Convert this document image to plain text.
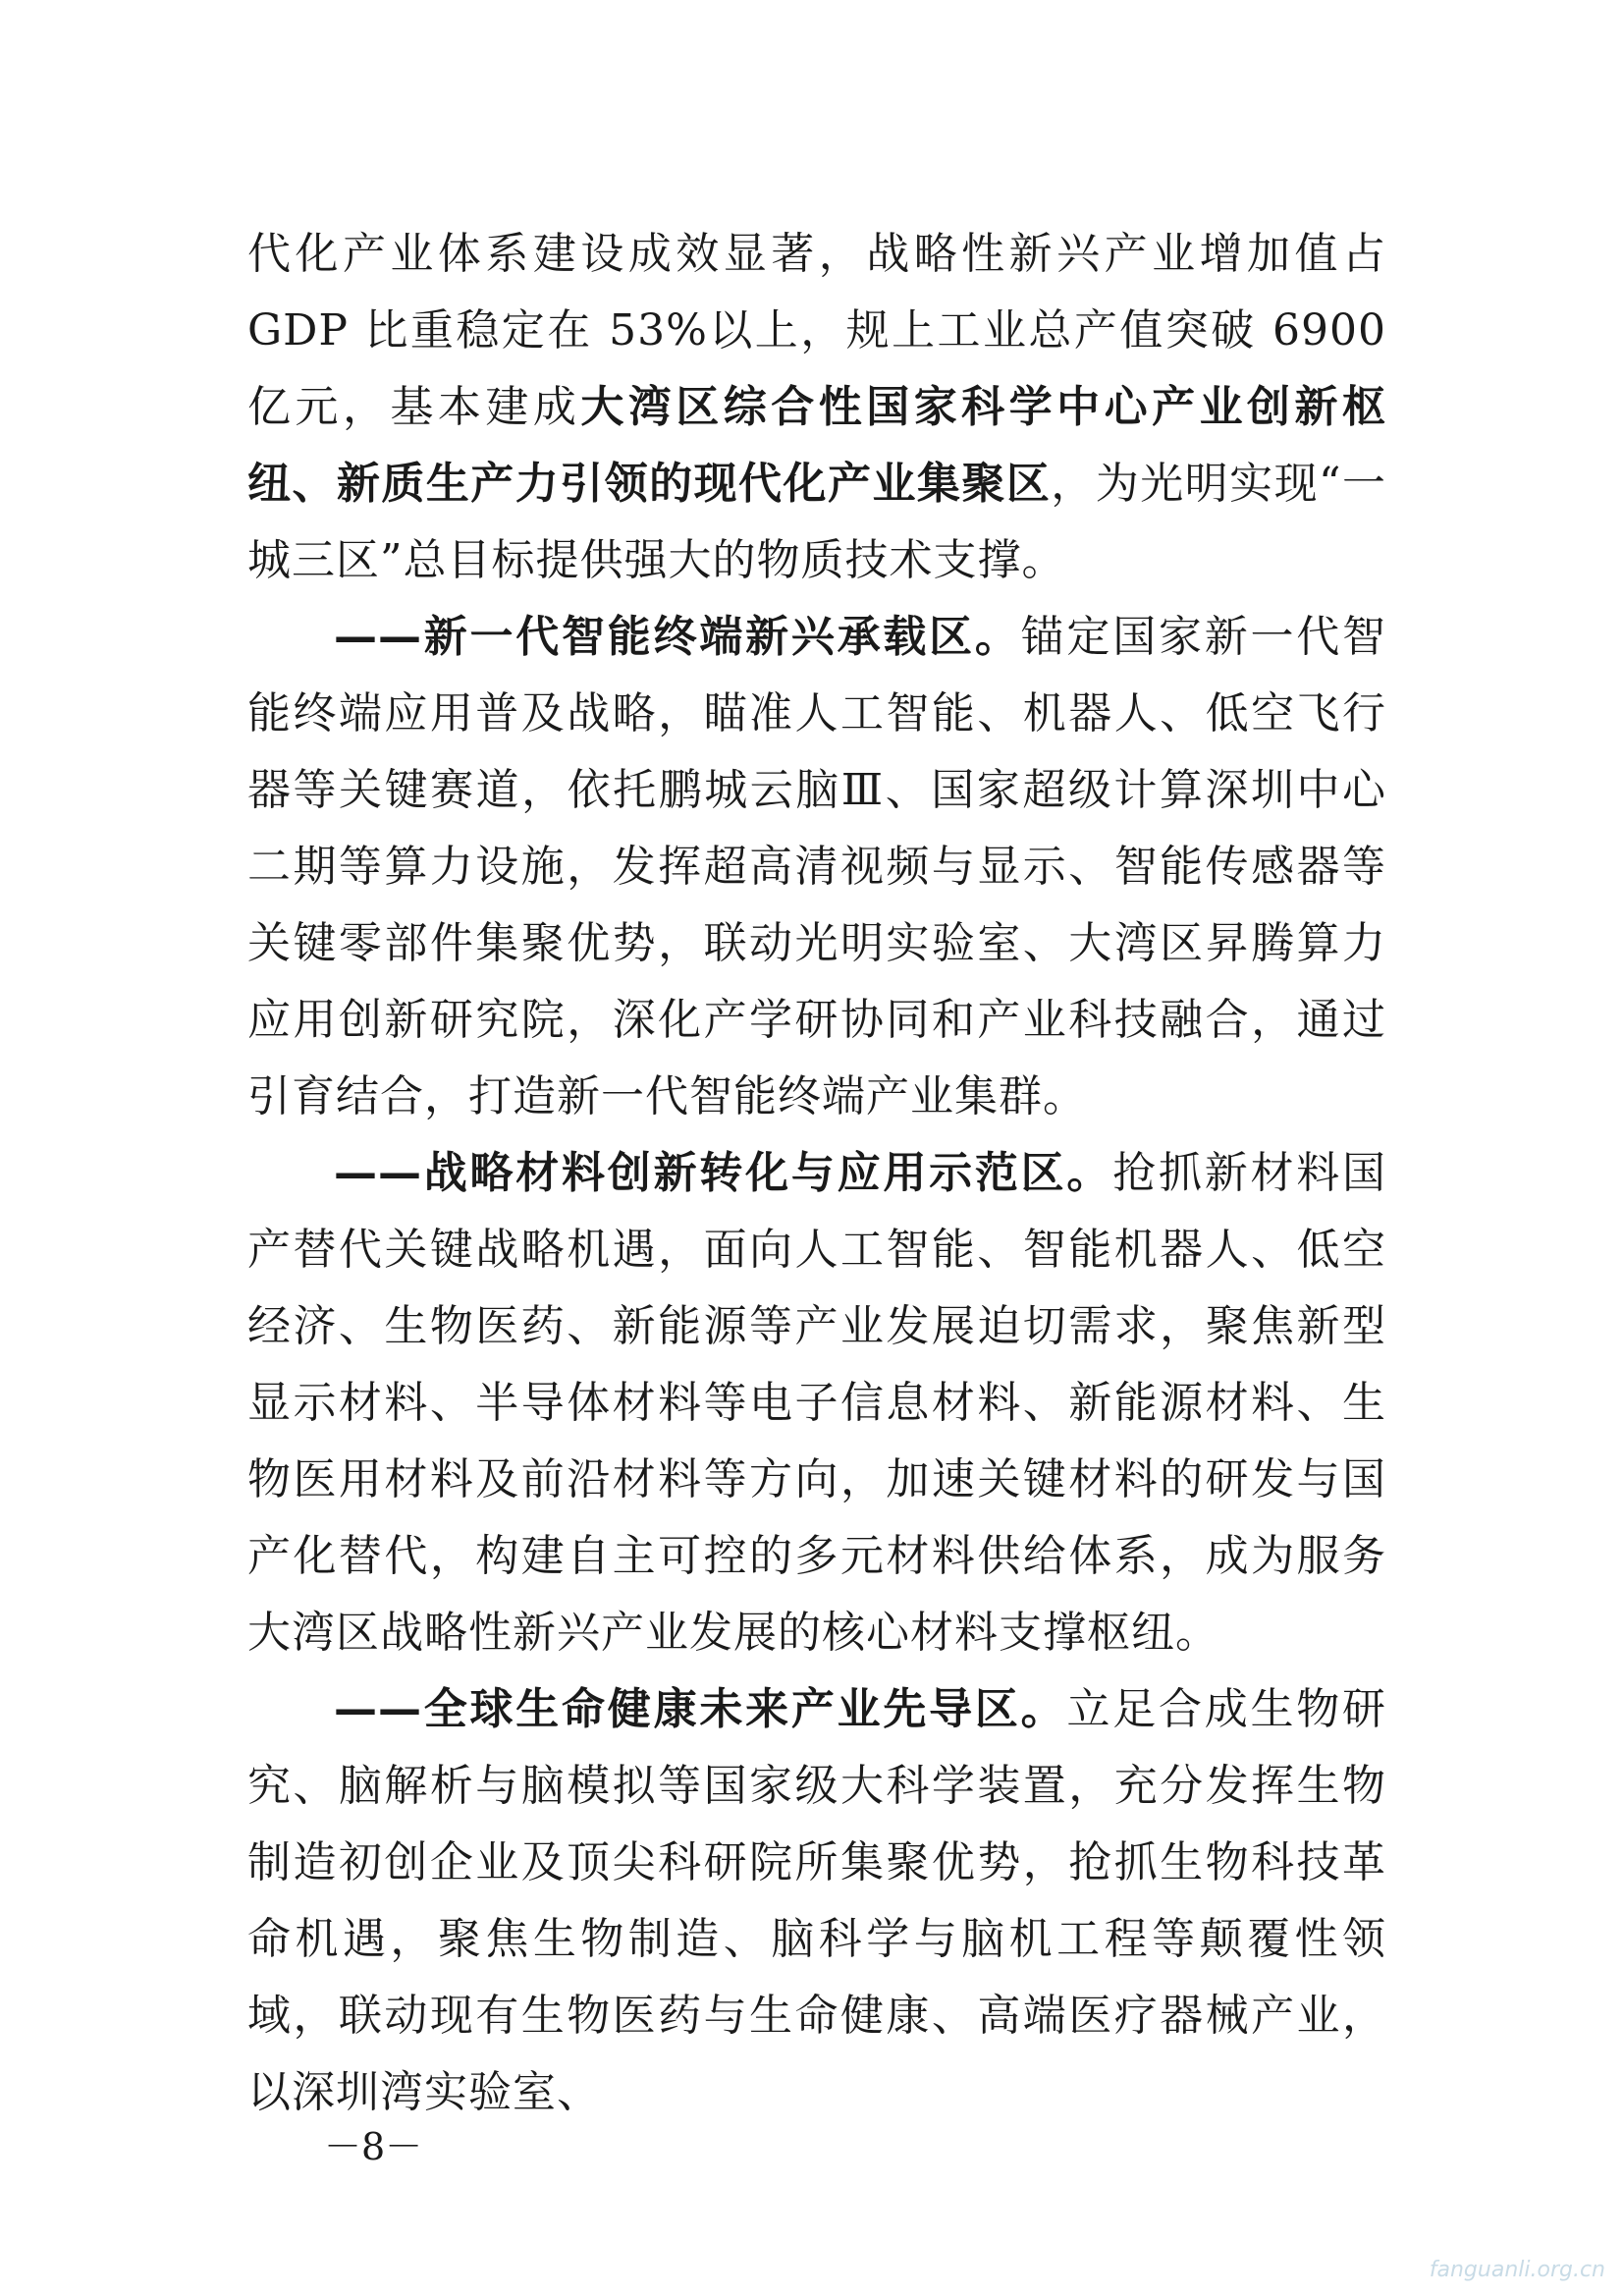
代化产业体系建设成效显著，战略性新兴产业增加值占 GDP 比重稳定在 53%以上，规上工业总产值突破 6900 亿元，基本建成大湾区综合性国家科学中心产业创新枢纽、新质生产力引领的现代化产业集聚区，为光明实现“一城三区”总目标提供强大的物质技术支撑。

——新一代智能终端新兴承载区。锚定国家新一代智能终端应用普及战略，瞄准人工智能、机器人、低空飞行器等关键赛道，依托鹏城云脑Ⅲ、国家超级计算深圳中心二期等算力设施，发挥超高清视频与显示、智能传感器等关键零部件集聚优势，联动光明实验室、大湾区昇腾算力应用创新研究院，深化产学研协同和产业科技融合，通过引育结合，打造新一代智能终端产业集群。

——战略材料创新转化与应用示范区。抢抓新材料国产替代关键战略机遇，面向人工智能、智能机器人、低空经济、生物医药、新能源等产业发展迫切需求，聚焦新型显示材料、半导体材料等电子信息材料、新能源材料、生物医用材料及前沿材料等方向，加速关键材料的研发与国产化替代，构建自主可控的多元材料供给体系，成为服务大湾区战略性新兴产业发展的核心材料支撑枢纽。

——全球生命健康未来产业先导区。立足合成生物研究、脑解析与脑模拟等国家级大科学装置，充分发挥生物制造初创企业及顶尖科研院所集聚优势，抢抓生物科技革命机遇，聚焦生物制造、脑科学与脑机工程等颠覆性领域，联动现有生物医药与生命健康、高端医疗器械产业，以深圳湾实验室、

－8－
fanguanli.org.cn
